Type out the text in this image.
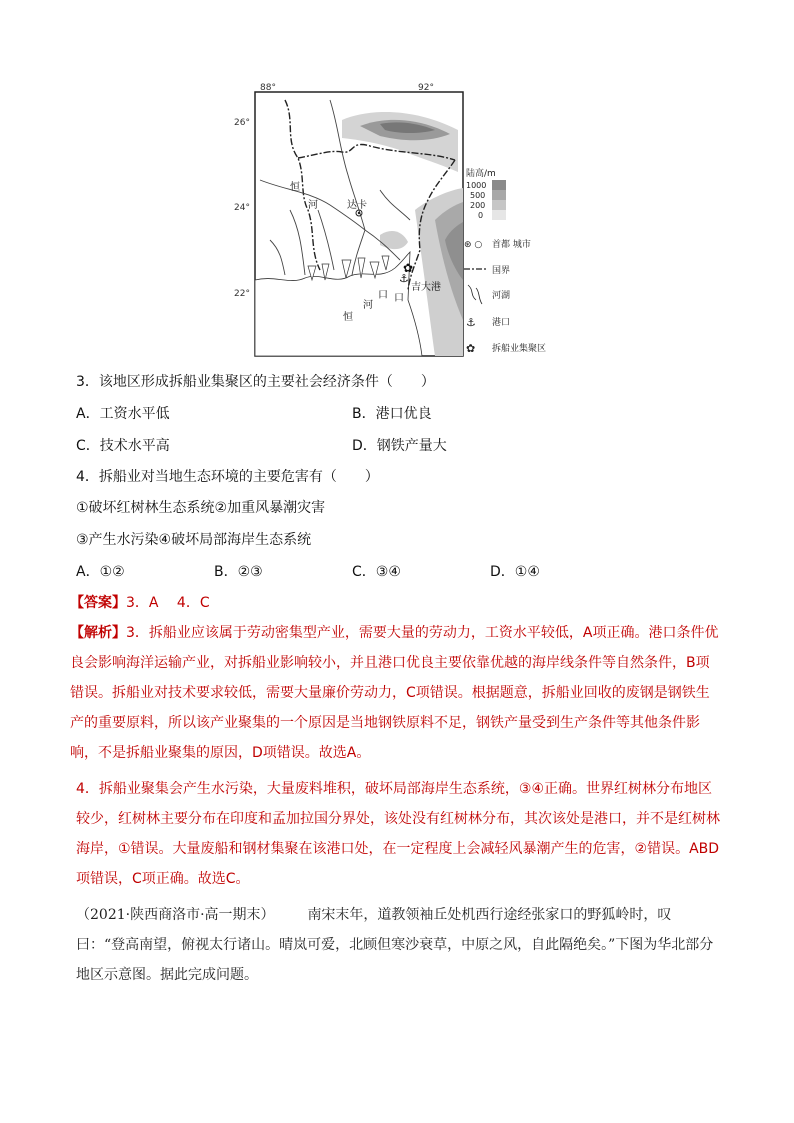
88°	92°
26°
24°
22°
达卡
✿
⚓
吉大港
恒
河
口
恒
河
口
陆高/m
1000
500
200
0
⊛ ○ 首都 城市
国界
河湖
⚓ 港口
✿ 拆船业集聚区
3．该地区形成拆船业集聚区的主要社会经济条件（　　）
A．工资水平低	B．港口优良
C．技术水平高	D．钢铁产量大
4．拆船业对当地生态环境的主要危害有（　　）
①破坏红树林生态系统②加重风暴潮灾害
③产生水污染④破坏局部海岸生态系统
A．①②	B．②③	C．③④	D．①④
【答案】3．A　 4．C
【解析】3．拆船业应该属于劳动密集型产业，需要大量的劳动力，工资水平较低，A项正确。港口条件优良会影响海洋运输产业，对拆船业影响较小，并且港口优良主要依靠优越的海岸线条件等自然条件，B项错误。拆船业对技术要求较低，需要大量廉价劳动力，C项错误。根据题意，拆船业回收的废钢是钢铁生产的重要原料，所以该产业聚集的一个原因是当地钢铁原料不足，钢铁产量受到生产条件等其他条件影响，不是拆船业聚集的原因，D项错误。故选A。
4．拆船业聚集会产生水污染，大量废料堆积，破坏局部海岸生态系统，③④正确。世界红树林分布地区较少，红树林主要分布在印度和孟加拉国分界处，该处没有红树林分布，其次该处是港口，并不是红树林海岸，①错误。大量废船和钢材集聚在该港口处，在一定程度上会减轻风暴潮产生的危害，②错误。ABD项错误，C项正确。故选C。
（2021·陕西商洛市·高一期末） 南宋末年，道教领袖丘处机西行途经张家口的野狐岭时，叹曰：“登高南望，俯视太行诸山。晴岚可爱，北顾但寒沙衰草，中原之风，自此隔绝矣。”下图为华北部分地区示意图。据此完成问题。
